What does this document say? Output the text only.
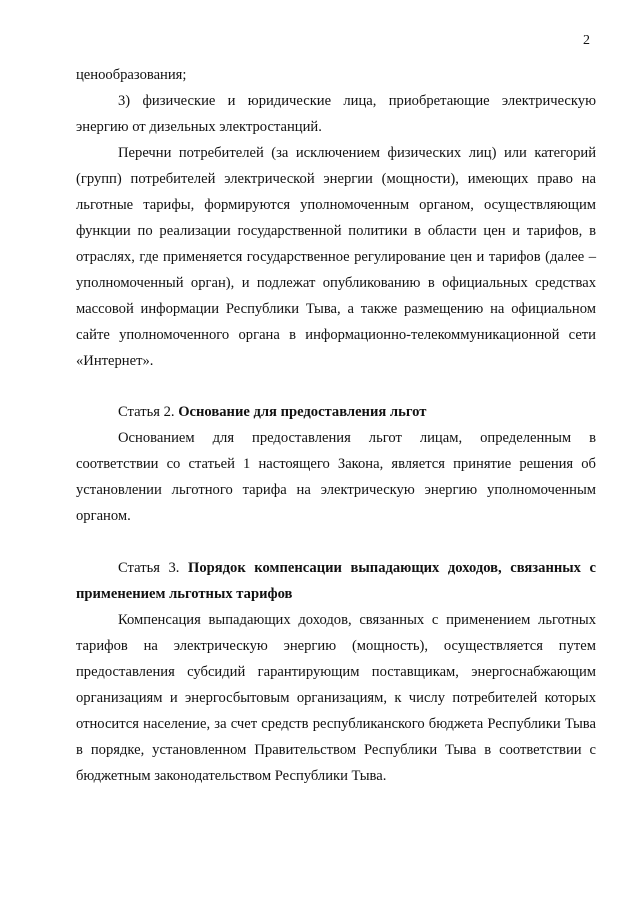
2

ценообразования;

3) физические и юридические лица, приобретающие электрическую энергию от дизельных электростанций.

Перечни потребителей (за исключением физических лиц) или категорий (групп) потребителей электрической энергии (мощности), имеющих право на льготные тарифы, формируются уполномоченным органом, осуществляющим функции по реализации государственной политики в области цен и тарифов, в отраслях, где применяется государственное регулирование цен и тарифов (далее – уполномоченный орган), и подлежат опубликованию в официальных средствах массовой информации Республики Тыва, а также размещению на официальном сайте уполномоченного органа в информационно-телекоммуникационной сети «Интернет».

Статья 2. Основание для предоставления льгот

Основанием для предоставления льгот лицам, определенным в соответствии со статьей 1 настоящего Закона, является принятие решения об установлении льготного тарифа на электрическую энергию уполномоченным органом.

Статья 3. Порядок компенсации выпадающих доходов, связанных с применением льготных тарифов

Компенсация выпадающих доходов, связанных с применением льготных тарифов на электрическую энергию (мощность), осуществляется путем предоставления субсидий гарантирующим поставщикам, энергоснабжающим организациям и энергосбытовым организациям, к числу потребителей которых относится население, за счет средств республиканского бюджета Республики Тыва в порядке, установленном Правительством Республики Тыва в соответствии с бюджетным законодательством Республики Тыва.
